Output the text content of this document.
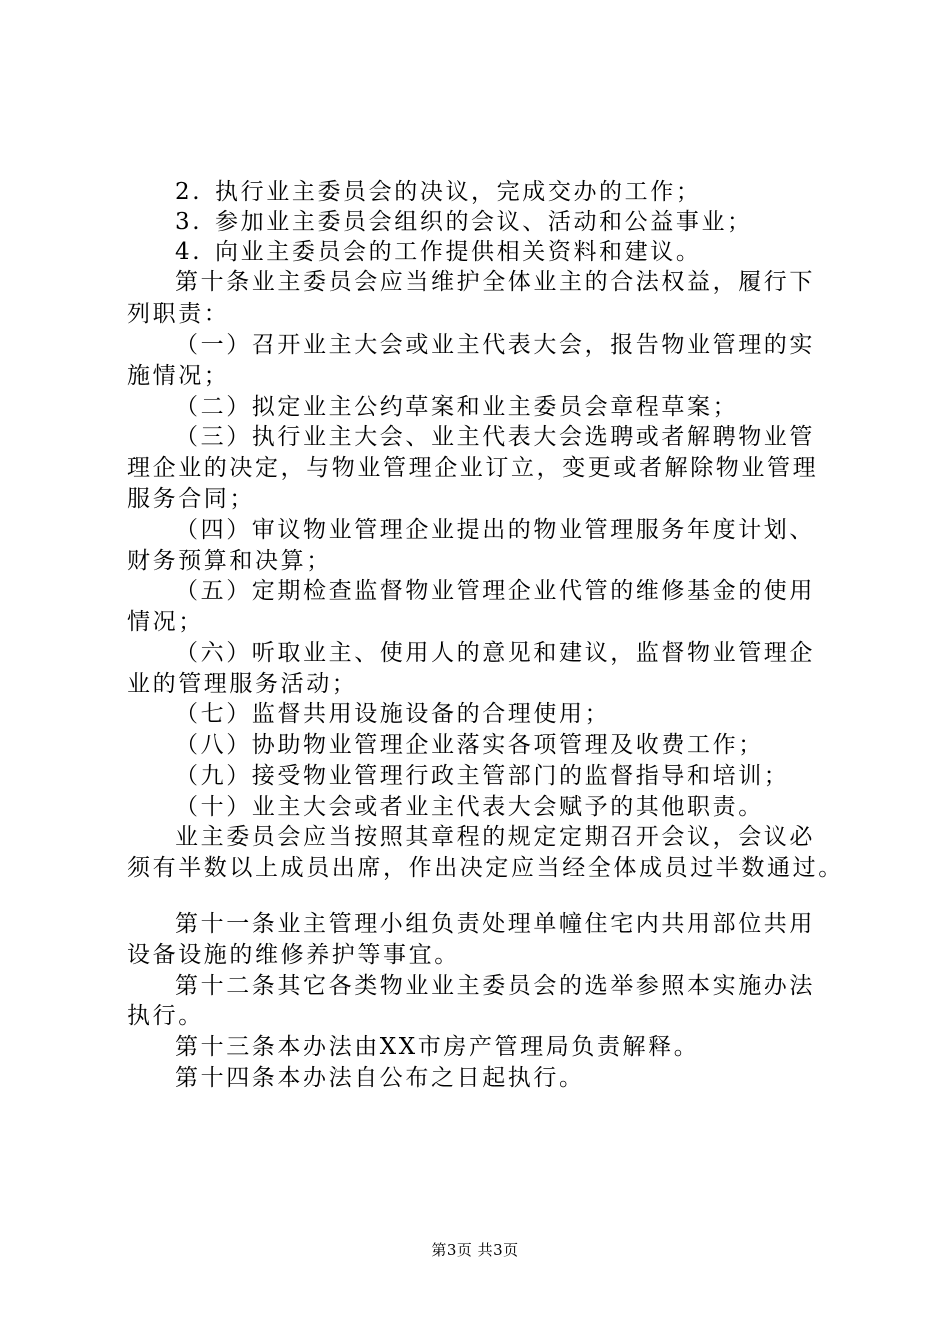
2. 执行业主委员会的决议，完成交办的工作；
3. 参加业主委员会组织的会议、活动和公益事业；
4. 向业主委员会的工作提供相关资料和建议。
第十条业主委员会应当维护全体业主的合法权益，履行下
列职责：
（一）召开业主大会或业主代表大会，报告物业管理的实
施情况；
（二）拟定业主公约草案和业主委员会章程草案；
（三）执行业主大会、业主代表大会选聘或者解聘物业管
理企业的决定，与物业管理企业订立，变更或者解除物业管理
服务合同；
（四）审议物业管理企业提出的物业管理服务年度计划、
财务预算和决算；
（五）定期检查监督物业管理企业代管的维修基金的使用
情况；
（六）听取业主、使用人的意见和建议，监督物业管理企
业的管理服务活动；
（七）监督共用设施设备的合理使用；
（八）协助物业管理企业落实各项管理及收费工作；
（九）接受物业管理行政主管部门的监督指导和培训；
（十）业主大会或者业主代表大会赋予的其他职责。
业主委员会应当按照其章程的规定定期召开会议，会议必
须有半数以上成员出席，作出决定应当经全体成员过半数通过。
第十一条业主管理小组负责处理单幢住宅内共用部位共用
设备设施的维修养护等事宜。
第十二条其它各类物业业主委员会的选举参照本实施办法
执行。
第十三条本办法由XX市房产管理局负责解释。
第十四条本办法自公布之日起执行。
第3页 共3页
